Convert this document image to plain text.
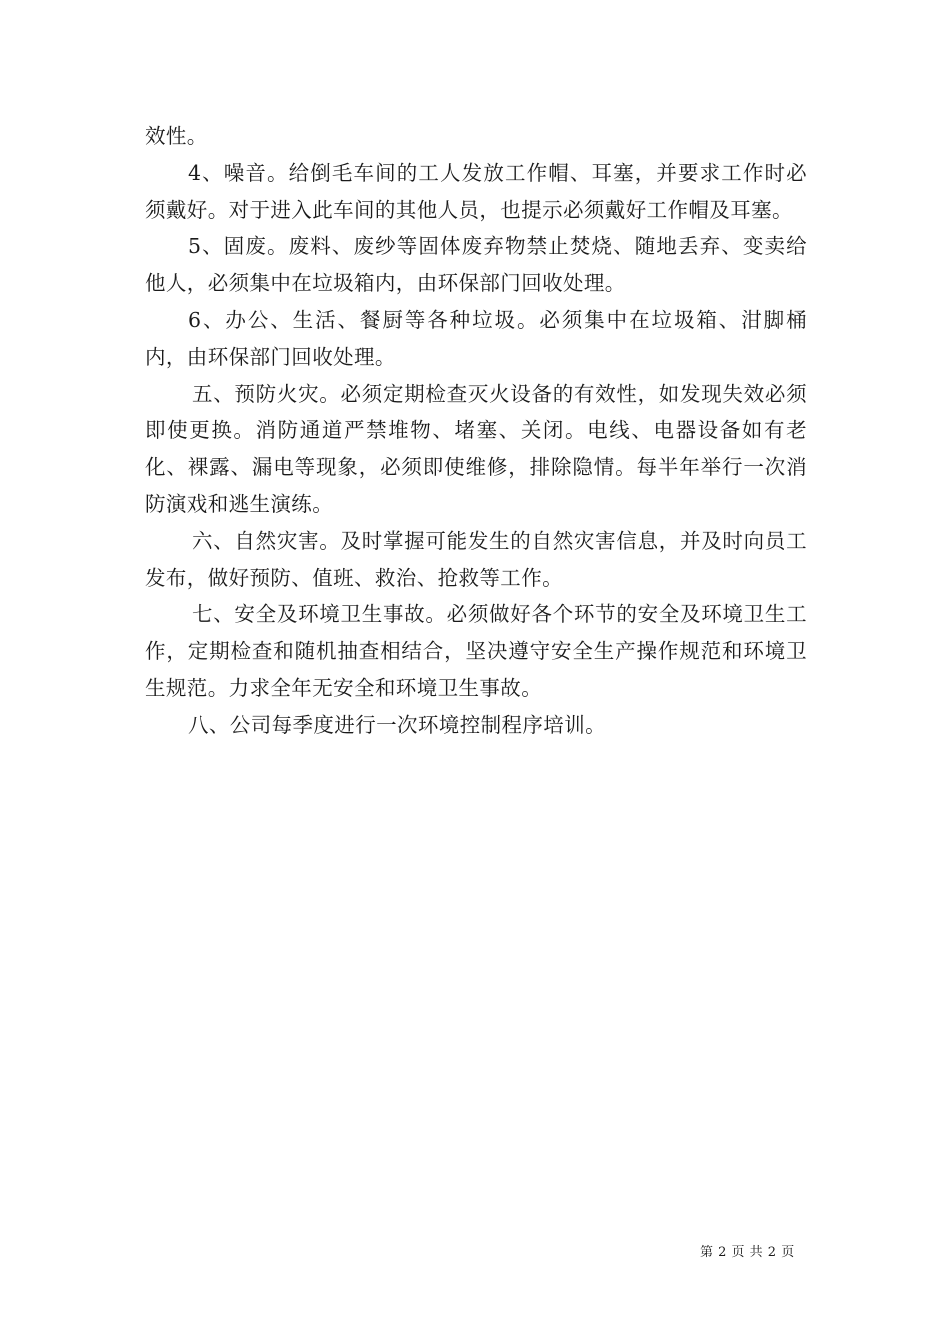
效性。

4、噪音。给倒毛车间的工人发放工作帽、耳塞，并要求工作时必须戴好。对于进入此车间的其他人员，也提示必须戴好工作帽及耳塞。

5、固废。废料、废纱等固体废弃物禁止焚烧、随地丢弃、变卖给他人，必须集中在垃圾箱内，由环保部门回收处理。

6、办公、生活、餐厨等各种垃圾。必须集中在垃圾箱、泔脚桶内，由环保部门回收处理。

五、预防火灾。必须定期检查灭火设备的有效性，如发现失效必须即使更换。消防通道严禁堆物、堵塞、关闭。电线、电器设备如有老化、裸露、漏电等现象，必须即使维修，排除隐情。每半年举行一次消防演戏和逃生演练。

六、自然灾害。及时掌握可能发生的自然灾害信息，并及时向员工发布，做好预防、值班、救治、抢救等工作。

七、安全及环境卫生事故。必须做好各个环节的安全及环境卫生工作，定期检查和随机抽查相结合，坚决遵守安全生产操作规范和环境卫生规范。力求全年无安全和环境卫生事故。

八、公司每季度进行一次环境控制程序培训。

第 2 页 共 2 页
